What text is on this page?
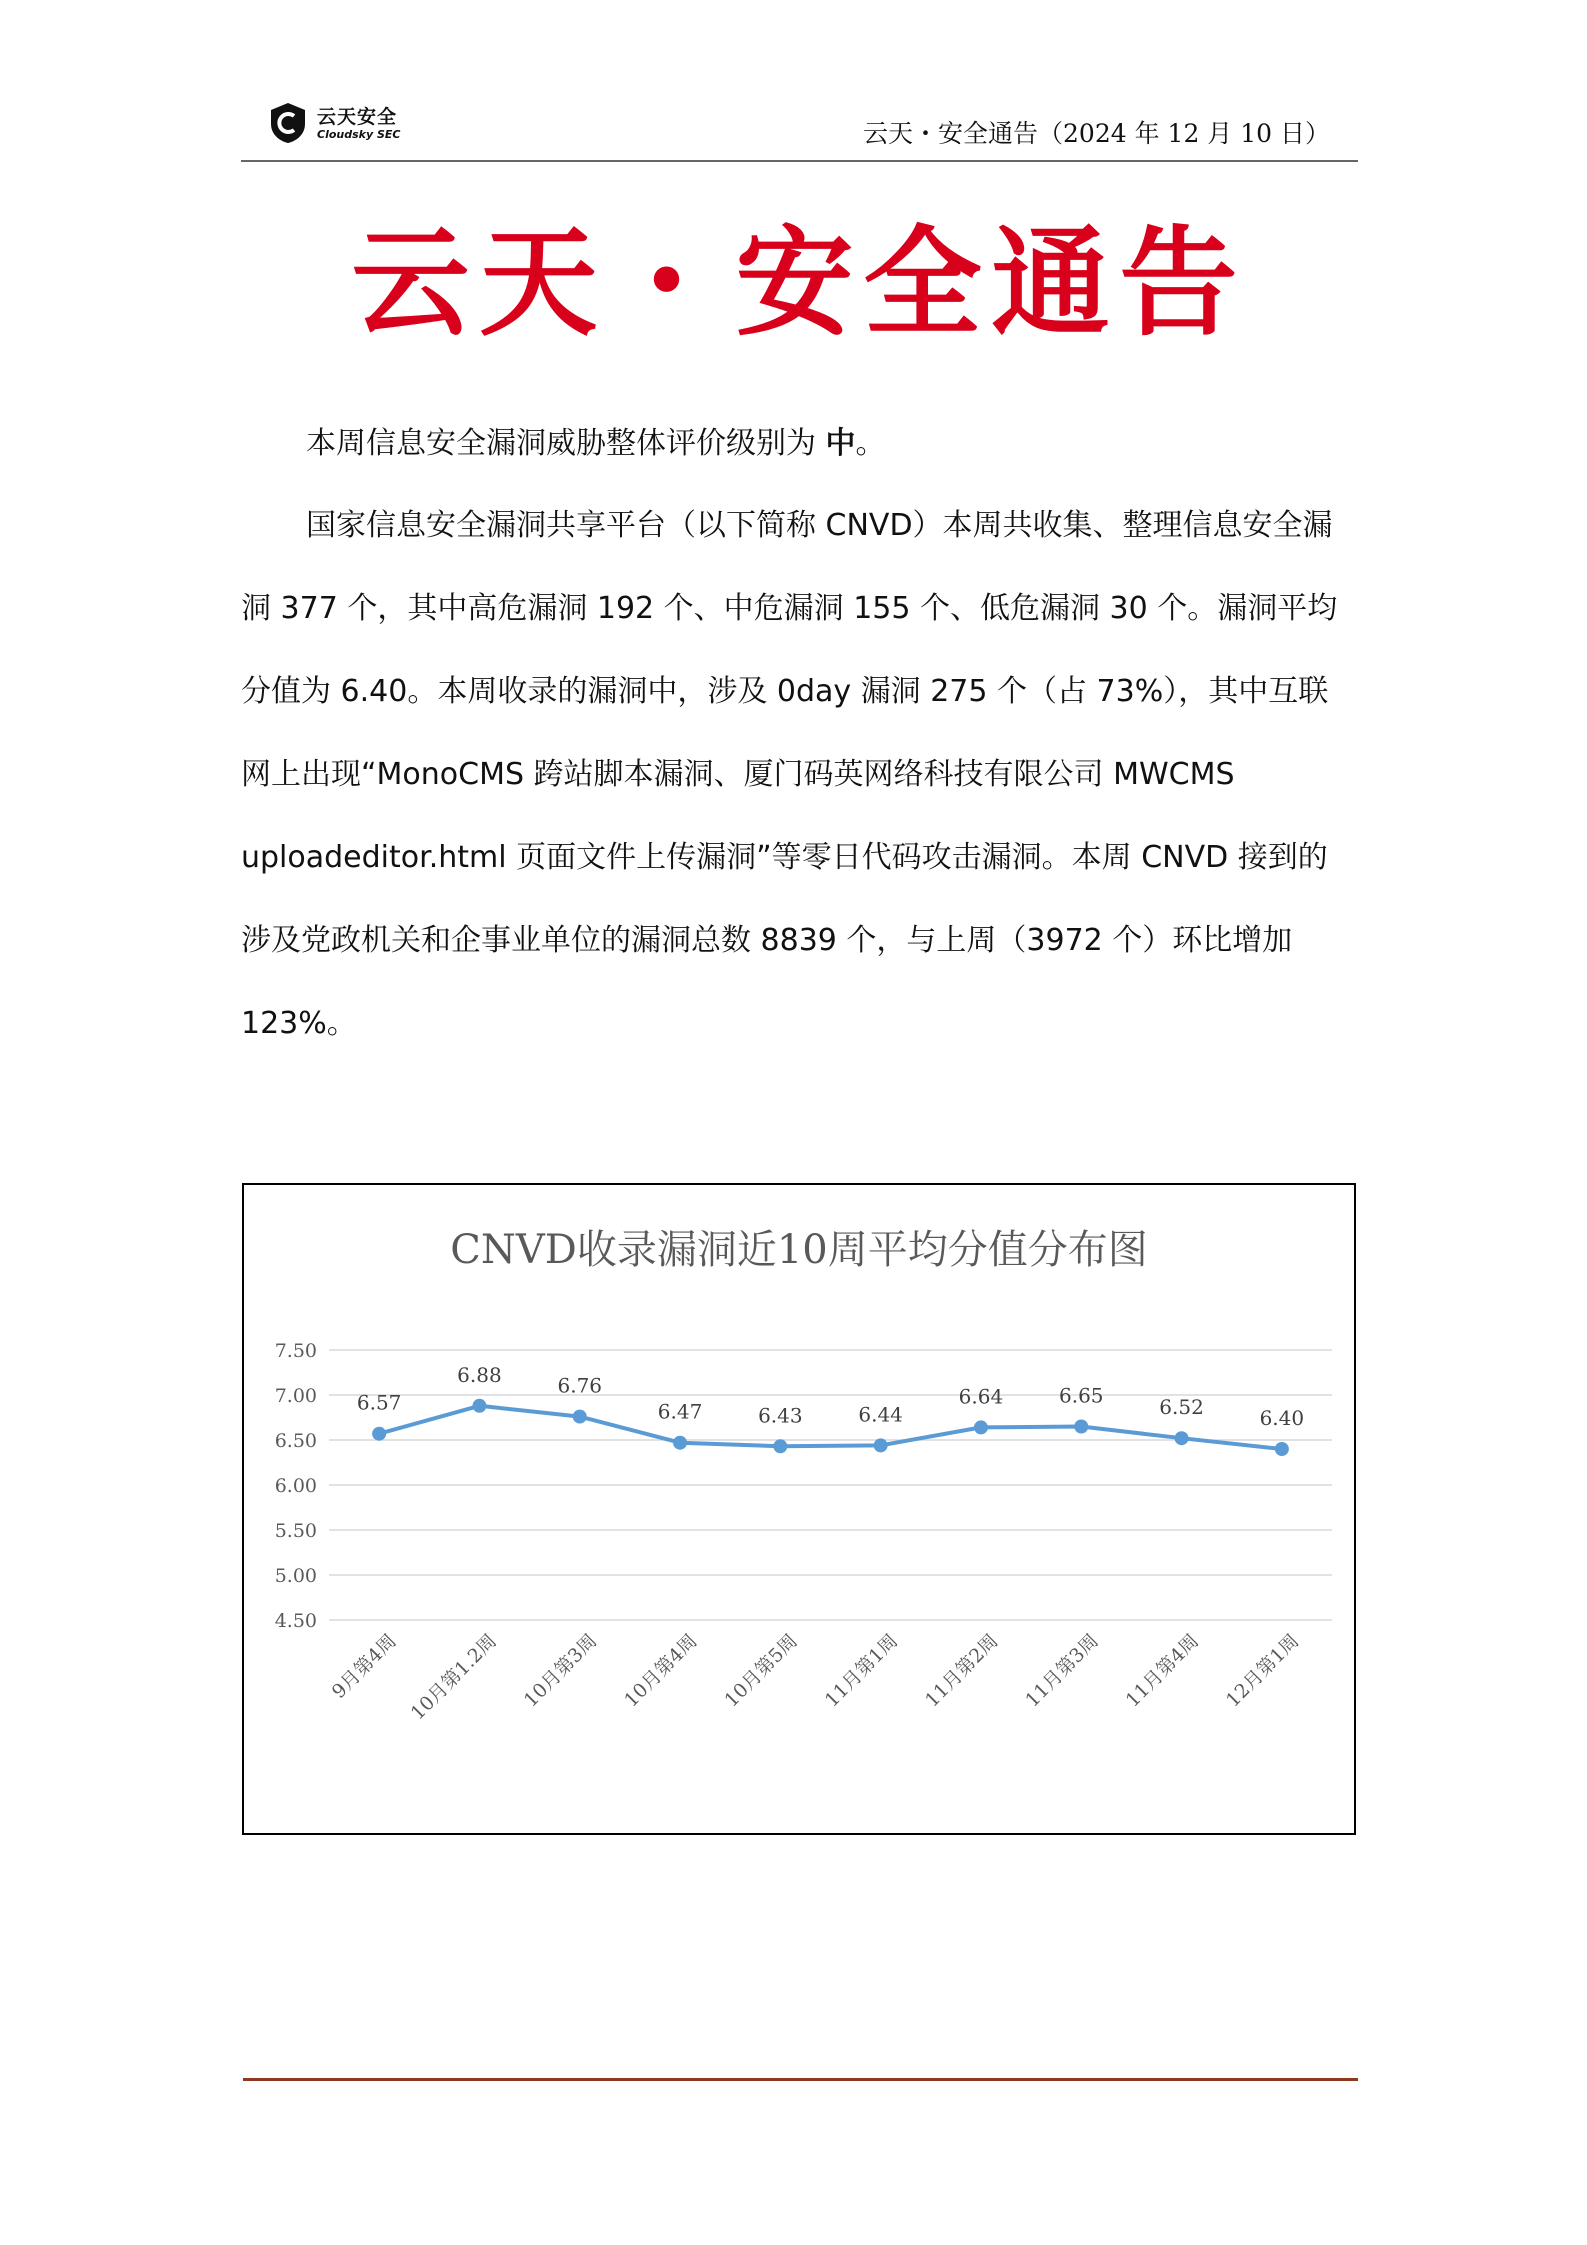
云天安全
Cloudsky SEC	云天・安全通告（2024 年 12 月 10 日）
云天・安全通告
本周信息安全漏洞威胁整体评价级别为 中。
国家信息安全漏洞共享平台（以下简称 CNVD）本周共收集、整理信息安全漏洞 377 个，其中高危漏洞 192 个、中危漏洞 155 个、低危漏洞 30 个。漏洞平均分值为 6.40。本周收录的漏洞中，涉及 0day 漏洞 275 个（占 73%），其中互联网上出现“MonoCMS 跨站脚本漏洞、厦门码英网络科技有限公司 MWCMS uploadeditor.html 页面文件上传漏洞”等零日代码攻击漏洞。本周 CNVD 接到的涉及党政机关和企事业单位的漏洞总数 8839 个，与上周（3972 个）环比增加 123%。
CNVD收录漏洞近10周平均分值分布图
4.50
5.00
5.50
6.00
6.50
7.00
7.50
6.57
6.88	6.76
6.47	6.43	6.44
6.64	6.65	6.52	6.40
9月第4周 10月第1.2周 10月第3周 10月第4周 10月第5周 11月第1周 11月第2周 11月第3周 11月第4周 12月第1周
